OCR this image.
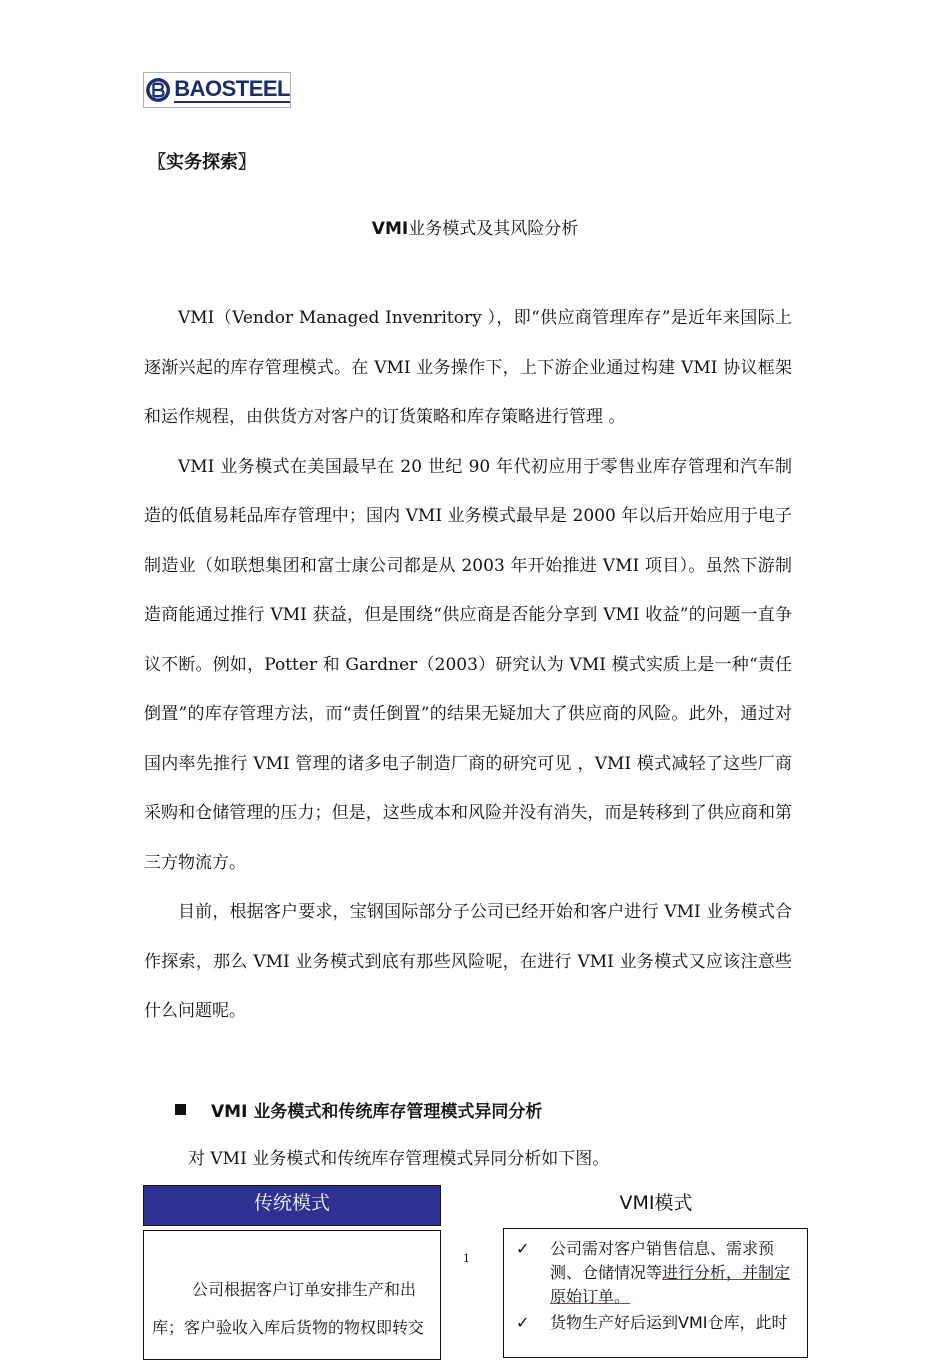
BAOSTEEL
〖实务探索〗
VMI业务模式及其风险分析

VMI（Vendor Managed Invenritory ），即“供应商管理库存”是近年来国际上逐渐兴起的库存管理模式。在 VMI 业务操作下，上下游企业通过构建 VMI 协议框架和运作规程，由供货方对客户的订货策略和库存策略进行管理 。

VMI 业务模式在美国最早在 20 世纪 90 年代初应用于零售业库存管理和汽车制造的低值易耗品库存管理中；国内 VMI 业务模式最早是 2000 年以后开始应用于电子制造业（如联想集团和富士康公司都是从 2003 年开始推进 VMI 项目）。虽然下游制造商能通过推行 VMI 获益，但是围绕“供应商是否能分享到 VMI 收益”的问题一直争议不断。例如，Potter 和 Gardner（2003）研究认为 VMI 模式实质上是一种“责任倒置”的库存管理方法，而“责任倒置”的结果无疑加大了供应商的风险。此外，通过对国内率先推行 VMI 管理的诸多电子制造厂商的研究可见 ，VMI 模式减轻了这些厂商采购和仓储管理的压力；但是，这些成本和风险并没有消失，而是转移到了供应商和第三方物流方。

目前，根据客户要求，宝钢国际部分子公司已经开始和客户进行 VMI 业务模式合作探索，那么 VMI 业务模式到底有那些风险呢，在进行 VMI 业务模式又应该注意些什么问题呢。

VMI 业务模式和传统库存管理模式异同分析
对 VMI 业务模式和传统库存管理模式异同分析如下图。
传统模式	VMI模式

公司根据客户订单安排生产和出库；客户验收入库后货物的物权即转交

1
✓	公司需对客户销售信息、需求预测、仓储情况等进行分析，并制定原始订单。
✓	货物生产好后运到VMI仓库，此时
